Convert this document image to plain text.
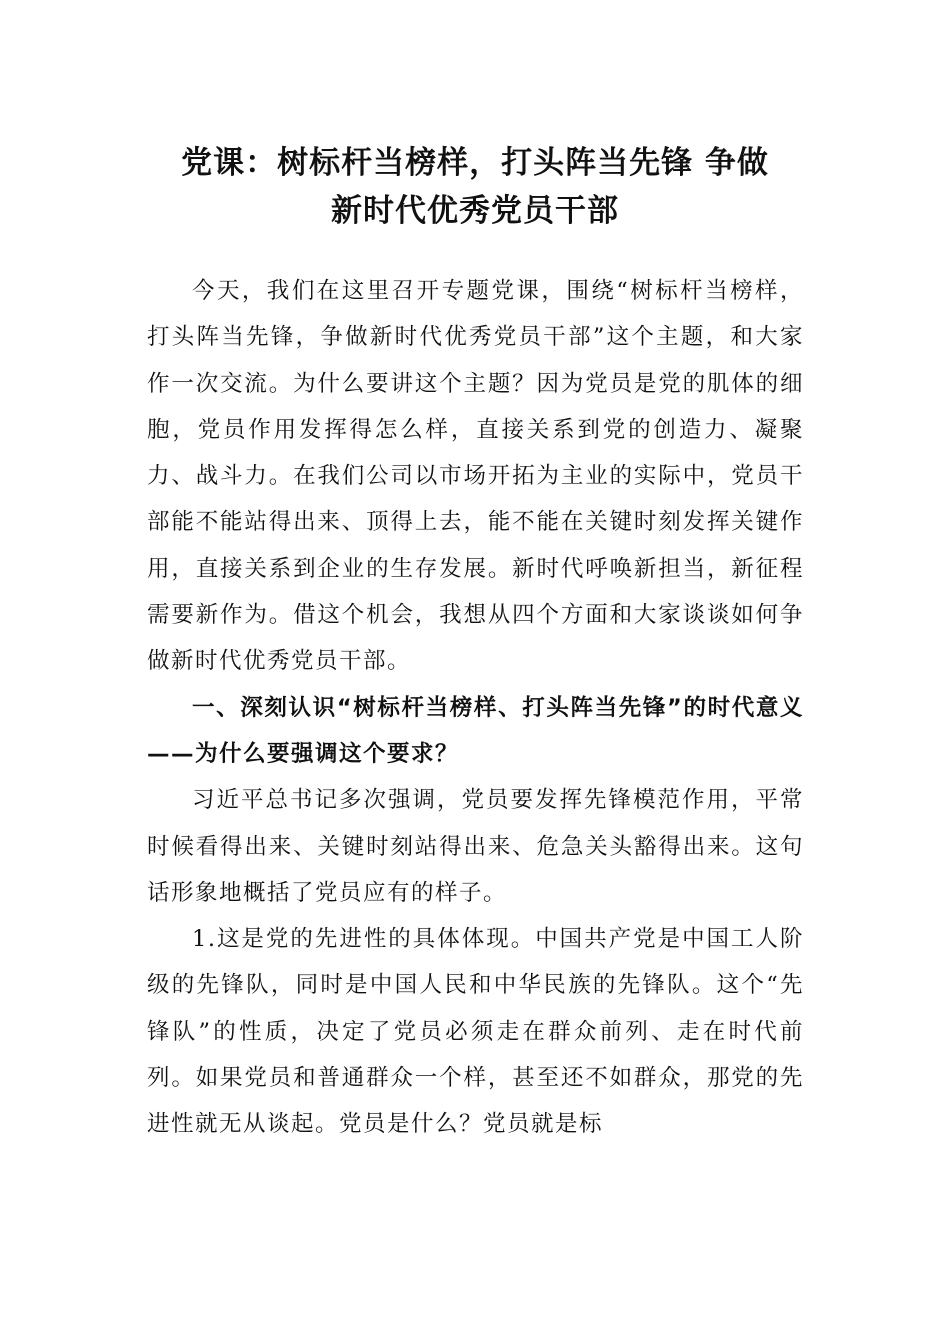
党课：树标杆当榜样，打头阵当先锋 争做
新时代优秀党员干部

今天，我们在这里召开专题党课，围绕“树标杆当榜样，打头阵当先锋，争做新时代优秀党员干部”这个主题，和大家作一次交流。为什么要讲这个主题？因为党员是党的肌体的细胞，党员作用发挥得怎么样，直接关系到党的创造力、凝聚力、战斗力。在我们公司以市场开拓为主业的实际中，党员干部能不能站得出来、顶得上去，能不能在关键时刻发挥关键作用，直接关系到企业的生存发展。新时代呼唤新担当，新征程需要新作为。借这个机会，我想从四个方面和大家谈谈如何争做新时代优秀党员干部。

一、深刻认识“树标杆当榜样、打头阵当先锋”的时代意义——为什么要强调这个要求？

习近平总书记多次强调，党员要发挥先锋模范作用，平常时候看得出来、关键时刻站得出来、危急关头豁得出来。这句话形象地概括了党员应有的样子。

1.这是党的先进性的具体体现。中国共产党是中国工人阶级的先锋队，同时是中国人民和中华民族的先锋队。这个“先锋队”的性质，决定了党员必须走在群众前列、走在时代前列。如果党员和普通群众一个样，甚至还不如群众，那党的先进性就无从谈起。党员是什么？党员就是标
